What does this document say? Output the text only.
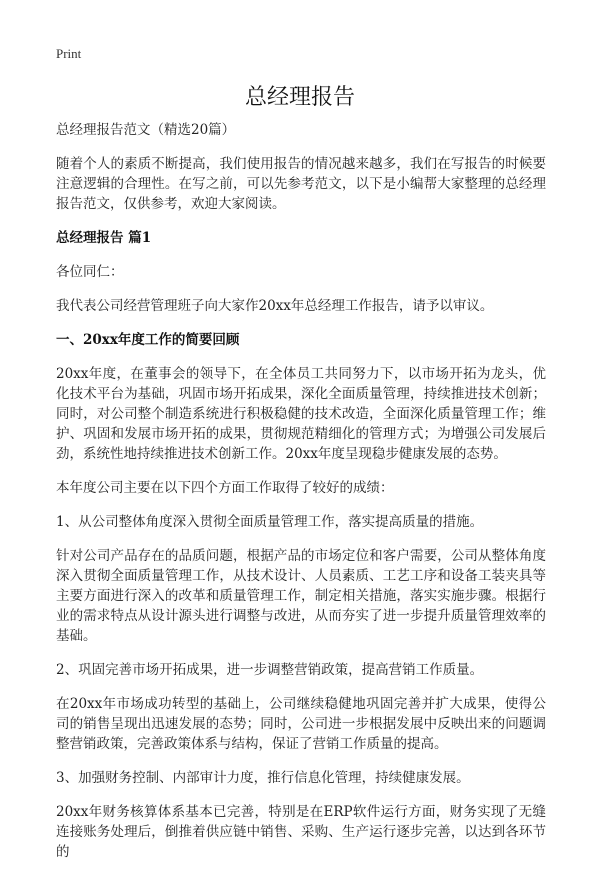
Print
总经理报告

总经理报告范文（精选20篇）

随着个人的素质不断提高，我们使用报告的情况越来越多，我们在写报告的时候要注意逻辑的合理性。在写之前，可以先参考范文，以下是小编帮大家整理的总经理报告范文，仅供参考，欢迎大家阅读。

总经理报告 篇1

各位同仁：

我代表公司经营管理班子向大家作20xx年总经理工作报告，请予以审议。

一、20xx年度工作的简要回顾

20xx年度，在董事会的领导下，在全体员工共同努力下，以市场开拓为龙头，优化技术平台为基础，巩固市场开拓成果，深化全面质量管理，持续推进技术创新；同时，对公司整个制造系统进行积极稳健的技术改造，全面深化质量管理工作；维护、巩固和发展市场开拓的成果，贯彻规范精细化的管理方式；为增强公司发展后劲，系统性地持续推进技术创新工作。20xx年度呈现稳步健康发展的态势。

本年度公司主要在以下四个方面工作取得了较好的成绩：

1、从公司整体角度深入贯彻全面质量管理工作，落实提高质量的措施。

针对公司产品存在的品质问题，根据产品的市场定位和客户需要，公司从整体角度深入贯彻全面质量管理工作，从技术设计、人员素质、工艺工序和设备工装夹具等主要方面进行深入的改革和质量管理工作，制定相关措施，落实实施步骤。根据行业的需求特点从设计源头进行调整与改进，从而夯实了进一步提升质量管理效率的基础。

2、巩固完善市场开拓成果，进一步调整营销政策，提高营销工作质量。

在20xx年市场成功转型的基础上，公司继续稳健地巩固完善并扩大成果，使得公司的销售呈现出迅速发展的态势；同时，公司进一步根据发展中反映出来的问题调整营销政策，完善政策体系与结构，保证了营销工作质量的提高。

3、加强财务控制、内部审计力度，推行信息化管理，持续健康发展。

20xx年财务核算体系基本已完善，特别是在ERP软件运行方面，财务实现了无缝连接账务处理后，倒推着供应链中销售、采购、生产运行逐步完善，以达到各环节的
